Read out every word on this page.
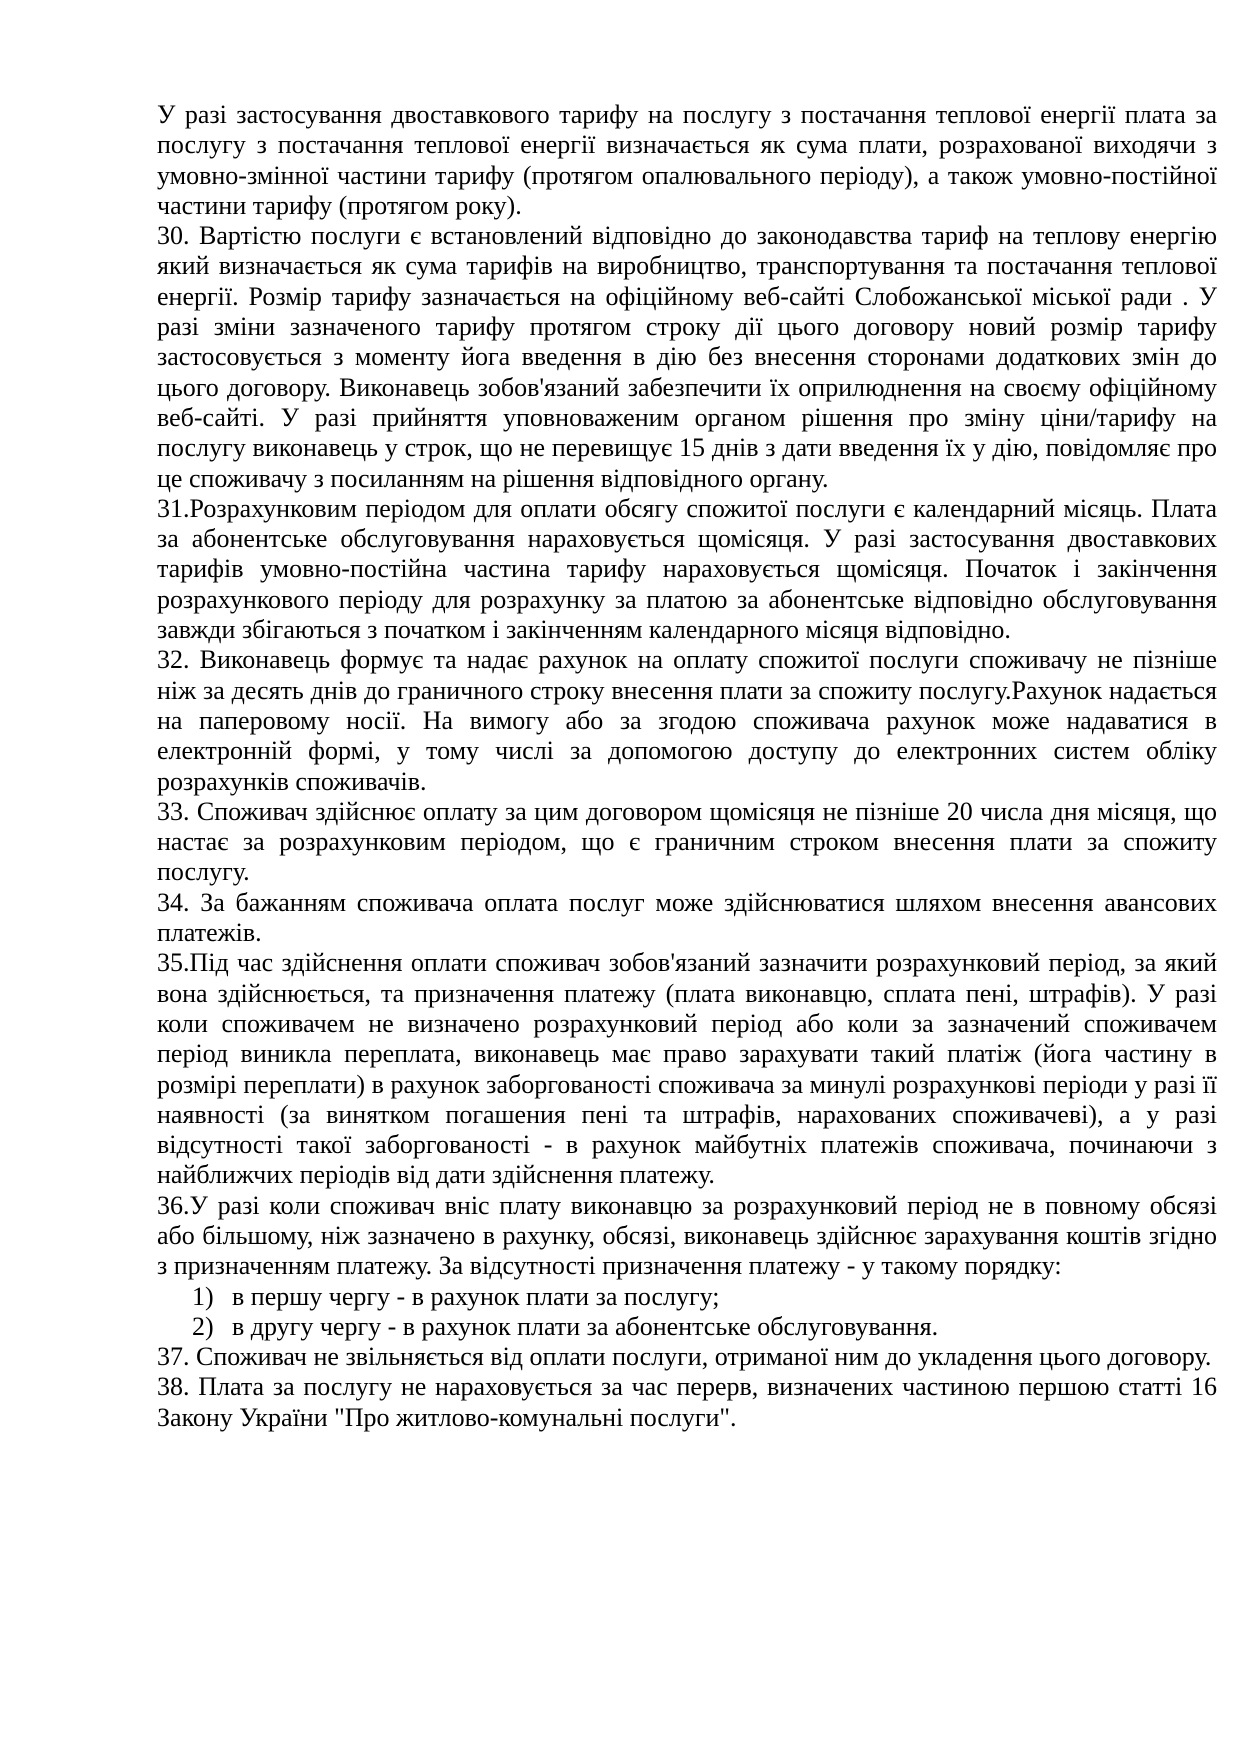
У разі застосування двоставкового тарифу на послугу з постачання теплової енергії плата за послугу з постачання теплової енергії визначається як сума плати, розрахованої виходячи з умовно-змінної частини тарифу (протягом опалювального періоду), а також умовно-постійної частини тарифу (протягом року).

30. Вартістю послуги є встановлений відповідно до законодавства тариф на теплову енергію який визначається як сума тарифів на виробництво, транспортування та постачання теплової енергії. Розмір тарифу зазначається на офіційному веб-сайті Слобожанської міської ради . У разі зміни зазначеного тарифу протягом строку дії цього договору новий розмір тарифу застосовується з моменту йога введення в дію без внесення сторонами додаткових змін до цього договору. Виконавець зобов'язаний забезпечити їх оприлюднення на своєму офіційному веб-сайті. У разі прийняття уповноваженим органом рішення про зміну ціни/тарифу на послугу виконавець у строк, що не перевищує 15 днів з дати введення їх у дію, повідомляє про це споживачу з посиланням на рішення відповідного органу.

31.Розрахунковим періодом для оплати обсягу спожитої послуги є календарний місяць. Плата за абонентське обслуговування нараховується щомісяця. У разі застосування двоставкових тарифів умовно-постійна частина тарифу нараховується щомісяця. Початок і закінчення розрахункового періоду для розрахунку за платою за абонентське відповідно обслуговування завжди збігаються з початком і закінченням календарного місяця відповідно.

32. Виконавець формує та надає рахунок на оплату спожитої послуги споживачу не пізніше ніж за десять днів до граничного строку внесення плати за спожиту послугу.Рахунок надається на паперовому носії. На вимогу або за згодою споживача рахунок може надаватися в електронній формі, у тому числі за допомогою доступу до електронних систем обліку розрахунків споживачів.

33. Споживач здійснює оплату за цим договором щомісяця не пізніше 20 числа дня місяця, що настає за розрахунковим періодом, що є граничним строком внесення плати за спожиту послугу.

34. За бажанням споживача оплата послуг може здійснюватися шляхом внесення авансових платежів.

35.Під час здійснення оплати споживач зобов'язаний зазначити розрахунковий період, за який вона здійснюється, та призначення платежу (плата виконавцю, сплата пені, штрафів). У разі коли споживачем не визначено розрахунковий період або коли за зазначений споживачем період виникла переплата, виконавець має право зарахувати такий платіж (йога частину в розмірі переплати) в рахунок заборгованості споживача за минулі розрахункові періоди у разі її наявності (за винятком погашения пені та штрафів, нарахованих споживачеві), а у разі відсутності такої заборгованості - в рахунок майбутніх платежів споживача, починаючи з найближчих періодів від дати здійснення платежу.

36.У разі коли споживач вніс плату виконавцю за розрахунковий період не в повному обсязі або більшому, ніж зазначено в рахунку, обсязі, виконавець здійснює зарахування коштів згідно з призначенням платежу. За відсутності призначення платежу - у такому порядку:

1) в першу чергу - в рахунок плати за послугу;
2) в другу чергу - в рахунок плати за абонентське обслуговування.

37. Споживач не звільняється від оплати послуги, отриманої ним до укладення цього договору.

38. Плата за послугу не нараховується за час перерв, визначених частиною першою статті 16 Закону України "Про житлово-комунальні послуги".
